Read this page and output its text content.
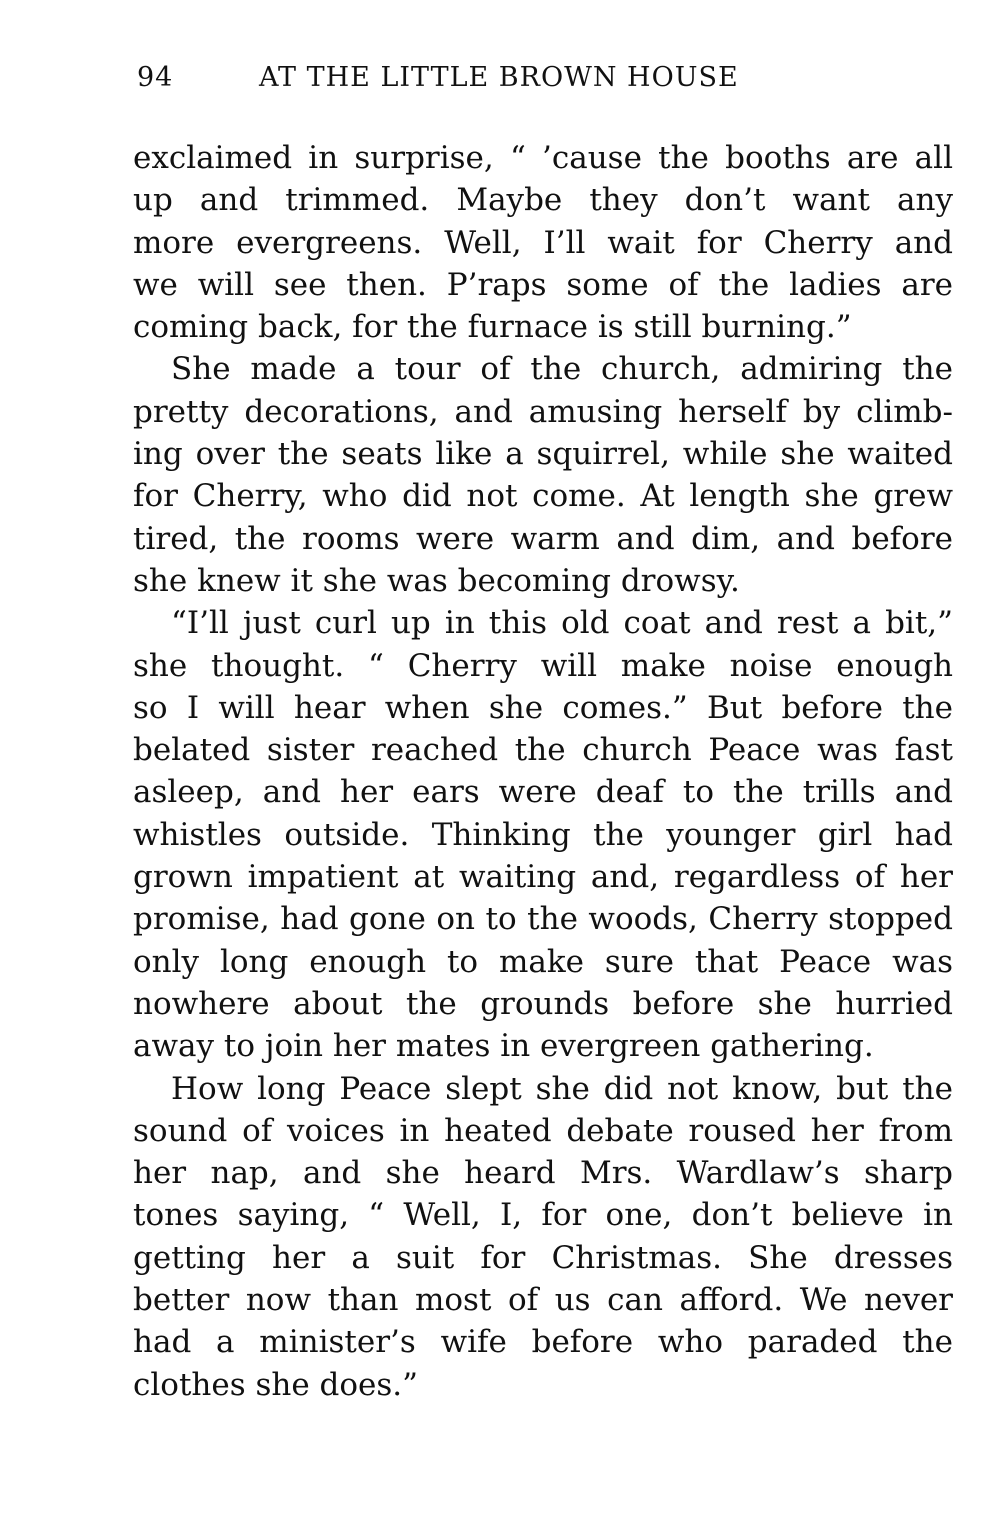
94	AT THE LITTLE BROWN HOUSE
exclaimed in surprise, “ ’cause the booths are all
up and trimmed. Maybe they don’t want any
more evergreens. Well, I’ll wait for Cherry and
we will see then. P’raps some of the ladies are
coming back, for the furnace is still burning.”
She made a tour of the church, admiring the
pretty decorations, and amusing herself by climb-
ing over the seats like a squirrel, while she waited
for Cherry, who did not come. At length she grew
tired, the rooms were warm and dim, and before
she knew it she was becoming drowsy.
“I’ll just curl up in this old coat and rest a bit,”
she thought. “ Cherry will make noise enough
so I will hear when she comes.” But before the
belated sister reached the church Peace was fast
asleep, and her ears were deaf to the trills and
whistles outside. Thinking the younger girl had
grown impatient at waiting and, regardless of her
promise, had gone on to the woods, Cherry stopped
only long enough to make sure that Peace was
nowhere about the grounds before she hurried
away to join her mates in evergreen gathering.
How long Peace slept she did not know, but the
sound of voices in heated debate roused her from
her nap, and she heard Mrs. Wardlaw’s sharp
tones saying, “ Well, I, for one, don’t believe in
getting her a suit for Christmas. She dresses
better now than most of us can afford. We never
had a minister’s wife before who paraded the
clothes she does.”
